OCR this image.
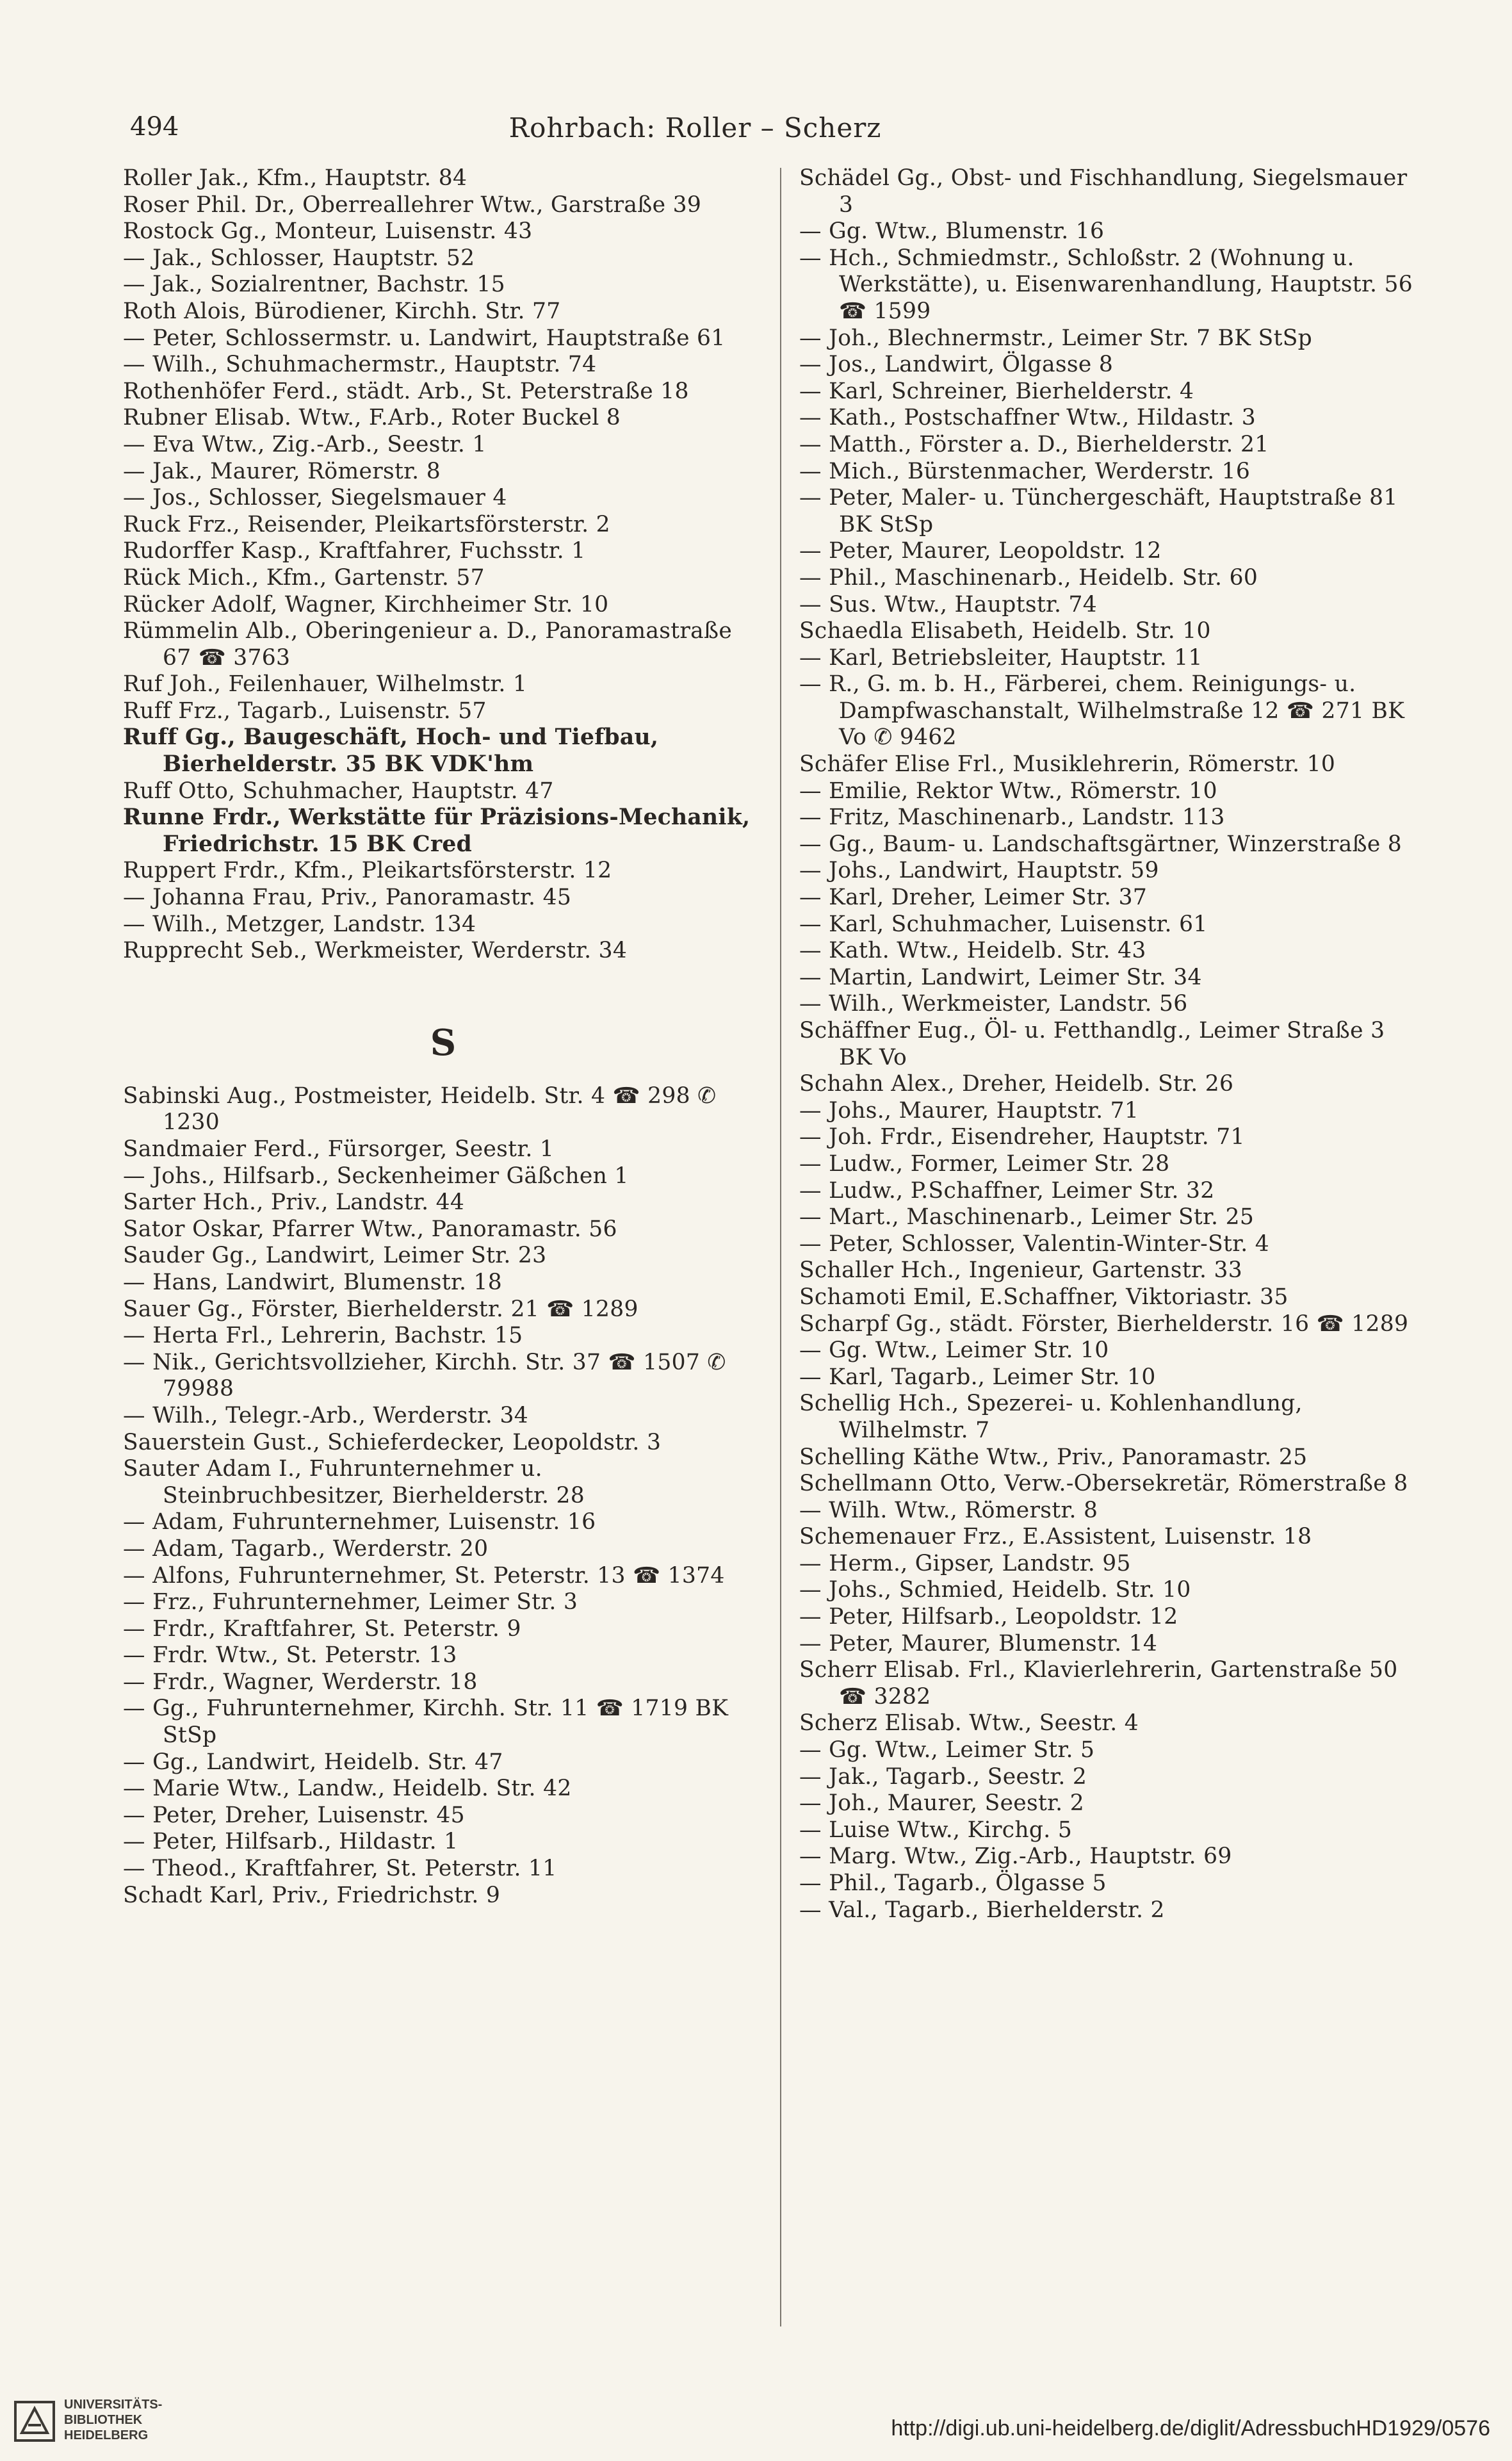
494	Rohrbach: Roller – Scherz
Roller Jak., Kfm., Hauptstr. 84
Roser Phil. Dr., Oberreallehrer Wtw., Garstraße 39
Rostock Gg., Monteur, Luisenstr. 43
— Jak., Schlosser, Hauptstr. 52
— Jak., Sozialrentner, Bachstr. 15
Roth Alois, Bürodiener, Kirchh. Str. 77
— Peter, Schlossermstr. u. Landwirt, Hauptstraße 61
— Wilh., Schuhmachermstr., Hauptstr. 74
Rothenhöfer Ferd., städt. Arb., St. Peterstraße 18
Rubner Elisab. Wtw., F.Arb., Roter Buckel 8
— Eva Wtw., Zig.-Arb., Seestr. 1
— Jak., Maurer, Römerstr. 8
— Jos., Schlosser, Siegelsmauer 4
Ruck Frz., Reisender, Pleikartsförsterstr. 2
Rudorffer Kasp., Kraftfahrer, Fuchsstr. 1
Rück Mich., Kfm., Gartenstr. 57
Rücker Adolf, Wagner, Kirchheimer Str. 10
Rümmelin Alb., Oberingenieur a. D., Panoramastraße 67 ☎ 3763
Ruf Joh., Feilenhauer, Wilhelmstr. 1
Ruff Frz., Tagarb., Luisenstr. 57
Ruff Gg., Baugeschäft, Hoch- und Tiefbau, Bierhelderstr. 35 BK VDK'hm
Ruff Otto, Schuhmacher, Hauptstr. 47
Runne Frdr., Werkstätte für Präzisions-Mechanik, Friedrichstr. 15 BK Cred
Ruppert Frdr., Kfm., Pleikartsförsterstr. 12
— Johanna Frau, Priv., Panoramastr. 45
— Wilh., Metzger, Landstr. 134
Rupprecht Seb., Werkmeister, Werderstr. 34
S
Sabinski Aug., Postmeister, Heidelb. Str. 4 ☎ 298 ✆ 1230
Sandmaier Ferd., Fürsorger, Seestr. 1
— Johs., Hilfsarb., Seckenheimer Gäßchen 1
Sarter Hch., Priv., Landstr. 44
Sator Oskar, Pfarrer Wtw., Panoramastr. 56
Sauder Gg., Landwirt, Leimer Str. 23
— Hans, Landwirt, Blumenstr. 18
Sauer Gg., Förster, Bierhelderstr. 21 ☎ 1289
— Herta Frl., Lehrerin, Bachstr. 15
— Nik., Gerichtsvollzieher, Kirchh. Str. 37 ☎ 1507 ✆ 79988
— Wilh., Telegr.-Arb., Werderstr. 34
Sauerstein Gust., Schieferdecker, Leopoldstr. 3
Sauter Adam I., Fuhrunternehmer u. Steinbruchbesitzer, Bierhelderstr. 28
— Adam, Fuhrunternehmer, Luisenstr. 16
— Adam, Tagarb., Werderstr. 20
— Alfons, Fuhrunternehmer, St. Peterstr. 13 ☎ 1374
— Frz., Fuhrunternehmer, Leimer Str. 3
— Frdr., Kraftfahrer, St. Peterstr. 9
— Frdr. Wtw., St. Peterstr. 13
— Frdr., Wagner, Werderstr. 18
— Gg., Fuhrunternehmer, Kirchh. Str. 11 ☎ 1719 BK StSp
— Gg., Landwirt, Heidelb. Str. 47
— Marie Wtw., Landw., Heidelb. Str. 42
— Peter, Dreher, Luisenstr. 45
— Peter, Hilfsarb., Hildastr. 1
— Theod., Kraftfahrer, St. Peterstr. 11
Schadt Karl, Priv., Friedrichstr. 9
Schädel Gg., Obst- und Fischhandlung, Siegelsmauer 3
— Gg. Wtw., Blumenstr. 16
— Hch., Schmiedmstr., Schloßstr. 2 (Wohnung u. Werkstätte), u. Eisenwarenhandlung, Hauptstr. 56 ☎ 1599
— Joh., Blechnermstr., Leimer Str. 7 BK StSp
— Jos., Landwirt, Ölgasse 8
— Karl, Schreiner, Bierhelderstr. 4
— Kath., Postschaffner Wtw., Hildastr. 3
— Matth., Förster a. D., Bierhelderstr. 21
— Mich., Bürstenmacher, Werderstr. 16
— Peter, Maler- u. Tünchergeschäft, Hauptstraße 81 BK StSp
— Peter, Maurer, Leopoldstr. 12
— Phil., Maschinenarb., Heidelb. Str. 60
— Sus. Wtw., Hauptstr. 74
Schaedla Elisabeth, Heidelb. Str. 10
— Karl, Betriebsleiter, Hauptstr. 11
— R., G. m. b. H., Färberei, chem. Reinigungs- u. Dampfwaschanstalt, Wilhelmstraße 12 ☎ 271 BK Vo ✆ 9462
Schäfer Elise Frl., Musiklehrerin, Römerstr. 10
— Emilie, Rektor Wtw., Römerstr. 10
— Fritz, Maschinenarb., Landstr. 113
— Gg., Baum- u. Landschaftsgärtner, Winzerstraße 8
— Johs., Landwirt, Hauptstr. 59
— Karl, Dreher, Leimer Str. 37
— Karl, Schuhmacher, Luisenstr. 61
— Kath. Wtw., Heidelb. Str. 43
— Martin, Landwirt, Leimer Str. 34
— Wilh., Werkmeister, Landstr. 56
Schäffner Eug., Öl- u. Fetthandlg., Leimer Straße 3 BK Vo
Schahn Alex., Dreher, Heidelb. Str. 26
— Johs., Maurer, Hauptstr. 71
— Joh. Frdr., Eisendreher, Hauptstr. 71
— Ludw., Former, Leimer Str. 28
— Ludw., P.Schaffner, Leimer Str. 32
— Mart., Maschinenarb., Leimer Str. 25
— Peter, Schlosser, Valentin-Winter-Str. 4
Schaller Hch., Ingenieur, Gartenstr. 33
Schamoti Emil, E.Schaffner, Viktoriastr. 35
Scharpf Gg., städt. Förster, Bierhelderstr. 16 ☎ 1289
— Gg. Wtw., Leimer Str. 10
— Karl, Tagarb., Leimer Str. 10
Schellig Hch., Spezerei- u. Kohlenhandlung, Wilhelmstr. 7
Schelling Käthe Wtw., Priv., Panoramastr. 25
Schellmann Otto, Verw.-Obersekretär, Römerstraße 8
— Wilh. Wtw., Römerstr. 8
Schemenauer Frz., E.Assistent, Luisenstr. 18
— Herm., Gipser, Landstr. 95
— Johs., Schmied, Heidelb. Str. 10
— Peter, Hilfsarb., Leopoldstr. 12
— Peter, Maurer, Blumenstr. 14
Scherr Elisab. Frl., Klavierlehrerin, Gartenstraße 50 ☎ 3282
Scherz Elisab. Wtw., Seestr. 4
— Gg. Wtw., Leimer Str. 5
— Jak., Tagarb., Seestr. 2
— Joh., Maurer, Seestr. 2
— Luise Wtw., Kirchg. 5
— Marg. Wtw., Zig.-Arb., Hauptstr. 69
— Phil., Tagarb., Ölgasse 5
— Val., Tagarb., Bierhelderstr. 2
UNIVERSITÄTS-
BIBLIOTHEK
HEIDELBERG	http://digi.ub.uni-heidelberg.de/diglit/AdressbuchHD1929/0576
